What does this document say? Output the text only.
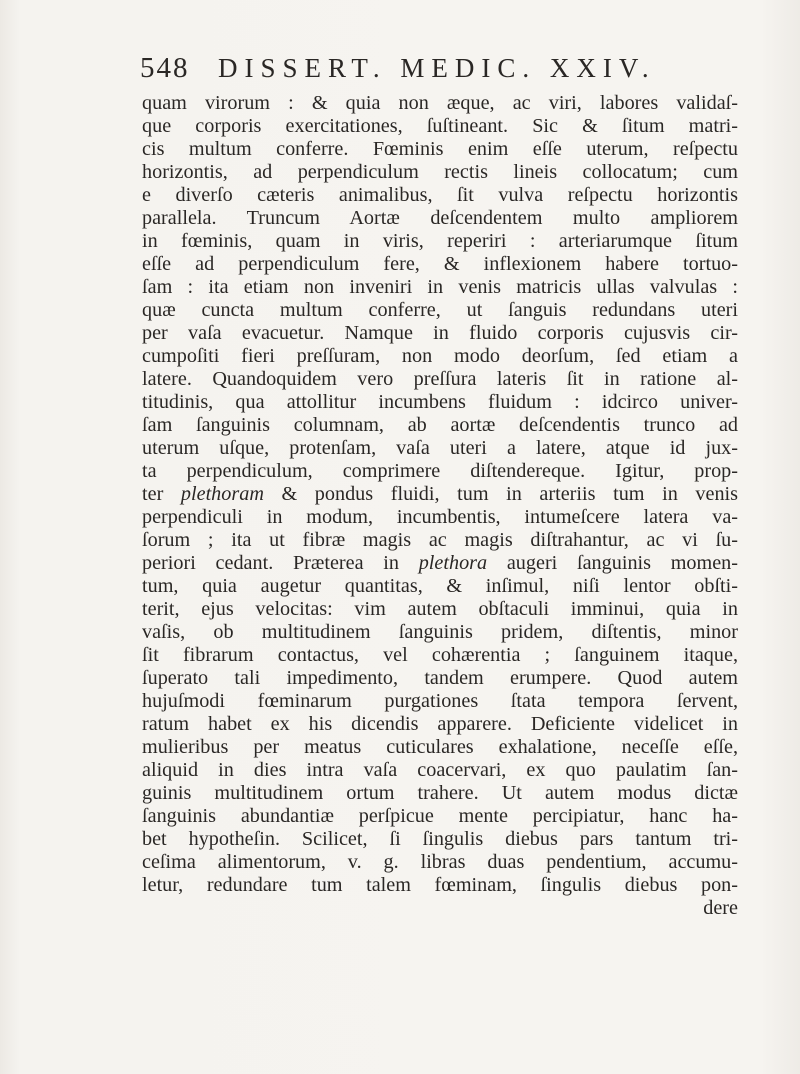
548 DISSERT. MEDIC. XXIV.
quam virorum : & quia non æque, ac viri, labores validaſ-
que corporis exercitationes, ſuſtineant. Sic & ſitum matri-
cis multum conferre. Fœminis enim eſſe uterum, reſpectu
horizontis, ad perpendiculum rectis lineis collocatum; cum
e diverſo cæteris animalibus, ſit vulva reſpectu horizontis
parallela. Truncum Aortæ deſcendentem multo ampliorem
in fœminis, quam in viris, reperiri : arteriarumque ſitum
eſſe ad perpendiculum fere, & inflexionem habere tortuo-
ſam : ita etiam non inveniri in venis matricis ullas valvulas :
quæ cuncta multum conferre, ut ſanguis redundans uteri
per vaſa evacuetur. Namque in fluido corporis cujusvis cir-
cumpoſiti fieri preſſuram, non modo deorſum, ſed etiam a
latere. Quandoquidem vero preſſura lateris ſit in ratione al-
titudinis, qua attollitur incumbens fluidum : idcirco univer-
ſam ſanguinis columnam, ab aortæ deſcendentis trunco ad
uterum uſque, protenſam, vaſa uteri a latere, atque id jux-
ta perpendiculum, comprimere diſtendereque. Igitur, prop-
ter plethoram & pondus fluidi, tum in arteriis tum in venis
perpendiculi in modum, incumbentis, intumeſcere latera va-
ſorum ; ita ut fibræ magis ac magis diſtrahantur, ac vi ſu-
periori cedant. Præterea in plethora augeri ſanguinis momen-
tum, quia augetur quantitas, & inſimul, niſi lentor obſti-
terit, ejus velocitas: vim autem obſtaculi imminui, quia in
vaſis, ob multitudinem ſanguinis pridem, diſtentis, minor
ſit fibrarum contactus, vel cohærentia ; ſanguinem itaque,
ſuperato tali impedimento, tandem erumpere. Quod autem
hujuſmodi fœminarum purgationes ſtata tempora ſervent,
ratum habet ex his dicendis apparere. Deficiente videlicet in
mulieribus per meatus cuticulares exhalatione, neceſſe eſſe,
aliquid in dies intra vaſa coacervari, ex quo paulatim ſan-
guinis multitudinem ortum trahere. Ut autem modus dictæ
ſanguinis abundantiæ perſpicue mente percipiatur, hanc ha-
bet hypotheſin. Scilicet, ſi ſingulis diebus pars tantum tri-
ceſima alimentorum, v. g. libras duas pendentium, accumu-
letur, redundare tum talem fœminam, ſingulis diebus pon-
dere
